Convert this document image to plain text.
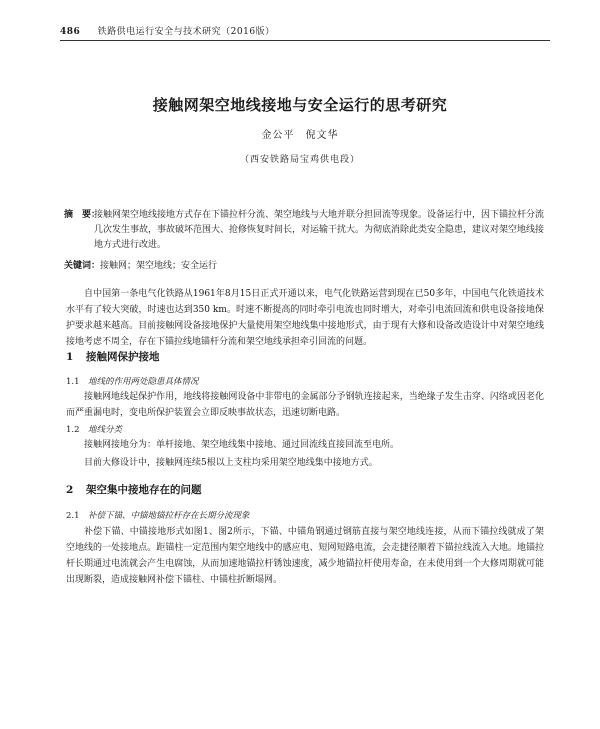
486 铁路供电运行安全与技术研究（2016版）
接触网架空地线接地与安全运行的思考研究
金公平　倪文华
（西安铁路局宝鸡供电段）
摘　要：
接触网架空地线接地方式存在下锚拉杆分流、架空地线与大地并联分担回流等现象。设备运行中，因下锚拉杆分流几次发生事故，事故破坏范围大、抢修恢复时间长，对运输干扰大。为彻底消除此类安全隐患，建议对架空地线接地方式进行改进。
关键词：接触网；架空地线；安全运行
自中国第一条电气化铁路从1961年8月15日正式开通以来，电气化铁路运营到现在已50多年，中国电气化铁道技术水平有了较大突破，时速也达到350 km。时速不断提高的同时牵引电流也同时增大，对牵引电流回流和供电设备接地保护要求越来越高。目前接触网设备接地保护大量使用架空地线集中接地形式，由于现有大修和设备改造设计中对架空地线接地考虑不周全，存在下锚拉线地锚杆分流和架空地线承担牵引回流的问题。
1 接触网保护接地
1.1 地线的作用两处隐患具体情况
接触网地线起保护作用，地线将接触网设备中非带电的金属部分予钢轨连接起来，当绝缘子发生击穿、闪络或因老化而严重漏电时，变电所保护装置会立即反映事故状态，迅速切断电路。
1.2 地线分类
接触网接地分为：单杆接地、架空地线集中接地、通过回流线直接回流至电所。
目前大修设计中，接触网连续5根以上支柱均采用架空地线集中接地方式。
2 架空集中接地存在的问题
2.1 补偿下锚、中锚地锚拉杆存在长期分流现象
补偿下锚、中锚接地形式如图1、图2所示，下锚、中锚角钢通过钢筋直接与架空地线连接，从而下锚拉线就成了架空地线的一处接地点。距锚柱一定范围内架空地线中的感应电、短网短路电流，会走捷径顺着下锚拉线流入大地。地锚拉杆长期通过电流就会产生电腐蚀，从而加速地锚拉杆锈蚀速度，减少地锚拉杆使用寿命，在未使用到一个大修周期就可能出现断裂，造成接触网补偿下锚柱、中锚柱折断塌网。
